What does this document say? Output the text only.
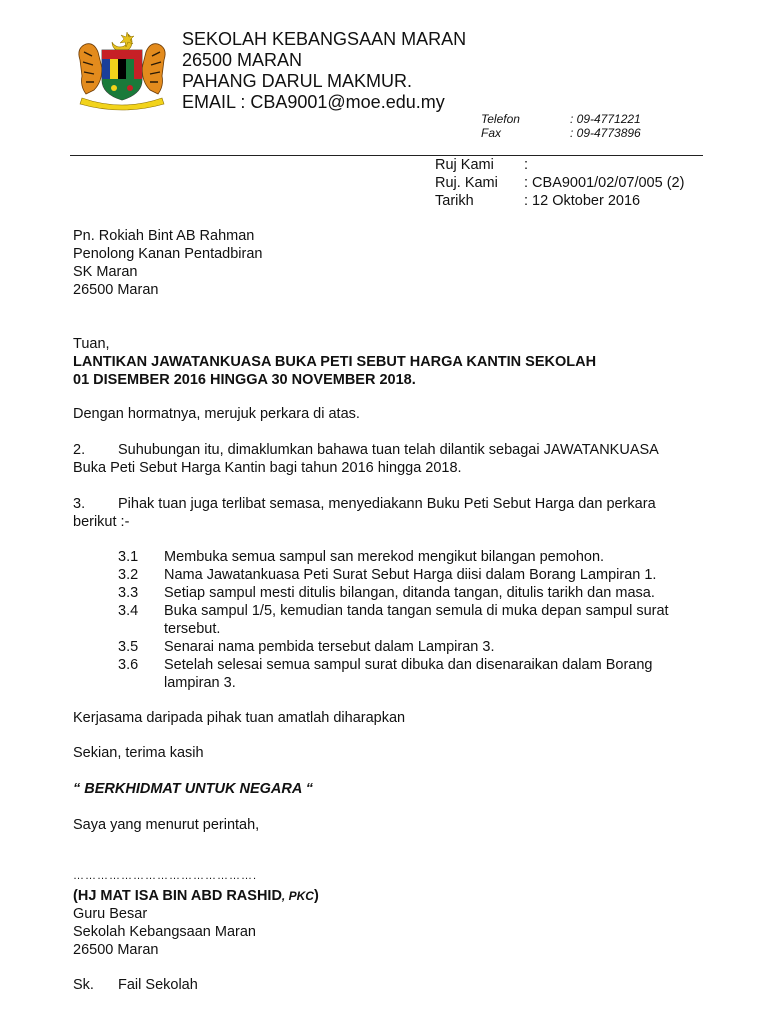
SEKOLAH KEBANGSAAN MARAN
26500 MARAN
PAHANG DARUL MAKMUR.
EMAIL : CBA9001@moe.edu.my
Telefon	: 09-4771221
Fax	: 09-4773896
Ruj Kami :
Ruj. Kami : CBA9001/02/07/005 (2)
Tarikh	: 12 Oktober 2016
Pn. Rokiah Bint AB Rahman
Penolong Kanan Pentadbiran
SK Maran
26500 Maran
Tuan,
LANTIKAN JAWATANKUASA BUKA PETI SEBUT HARGA KANTIN SEKOLAH
01 DISEMBER 2016 HINGGA 30 NOVEMBER 2018.
Dengan hormatnya, merujuk perkara di atas.
2. Suhubungan itu, dimaklumkan bahawa tuan telah dilantik sebagai JAWATANKUASA
Buka Peti Sebut Harga Kantin bagi tahun 2016 hingga 2018.
3. Pihak tuan juga terlibat semasa, menyediakann Buku Peti Sebut Harga dan perkara
berikut :-
3.1 Membuka semua sampul san merekod mengikut bilangan pemohon.
3.2 Nama Jawatankuasa Peti Surat Sebut Harga diisi dalam Borang Lampiran 1.
3.3 Setiap sampul mesti ditulis bilangan, ditanda tangan, ditulis tarikh dan masa.
3.4 Buka sampul 1/5, kemudian tanda tangan semula di muka depan sampul surat
tersebut.
3.5 Senarai nama pembida tersebut dalam Lampiran 3.
3.6 Setelah selesai semua sampul surat dibuka dan disenaraikan dalam Borang
lampiran 3.
Kerjasama daripada pihak tuan amatlah diharapkan
Sekian, terima kasih
“ BERKHIDMAT UNTUK NEGARA “
Saya yang menurut perintah,
……………………………………….
(HJ MAT ISA BIN ABD RASHID, PKC)
Guru Besar
Sekolah Kebangsaan Maran
26500 Maran
Sk. Fail Sekolah
